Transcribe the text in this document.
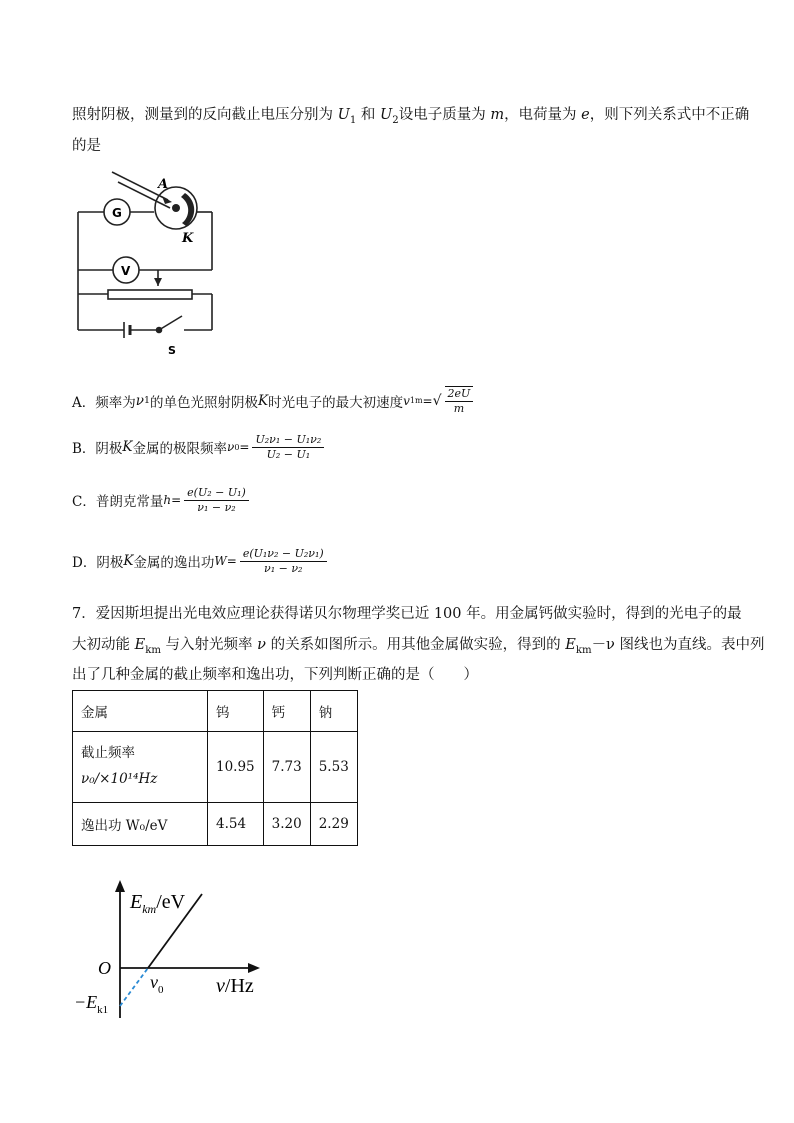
照射阴极，测量到的反向截止电压分别为 $U_1$ 和 $U_2$设电子质量为 m，电荷量为 e，则下列关系式中不正确
的是
A
K
G
V
S
A．频率为 ν 1 的单色光照射阴极 K 时光电子的最大初速度 v 1m = √ $\frac{2eU}{m}$
B．阴极 K 金属的极限频率 ν $0 = \frac{\text{U₂ν₁ − U₁ν₂}}{\text{U₂ − U₁}}$
C．普朗克常量 $h = \frac{\text{e(U₂ − U₁)}}{\text{ν₁ − ν₂}}$
D．阴极 K 金属的逸出功 $W = \frac{\text{e(U₁ν₂ − U₂ν₁)}}{\text{ν₁ − ν₂}}$
7．爱因斯坦提出光电效应理论获得诺贝尔物理学奖已近 100 年。用金属钙做实验时，得到的光电子的最
大初动能 $E_{km}$ 与入射光频率 ν 的关系如图所示。用其他金属做实验，得到的 $E_{km}-\nu$ 图线也为直线。表中列
出了几种金属的截止频率和逸出功，下列判断正确的是（　　）
金属	钨	钙	钠

截止频率
ν₀/×10¹⁴Hz	10.95	7.73	5.53
逸出功 W₀/eV	4.54	3.20	2.29
$E_{km}/eV$
O
$\nu_0$	ν/Hz
$-E_{k1}$
